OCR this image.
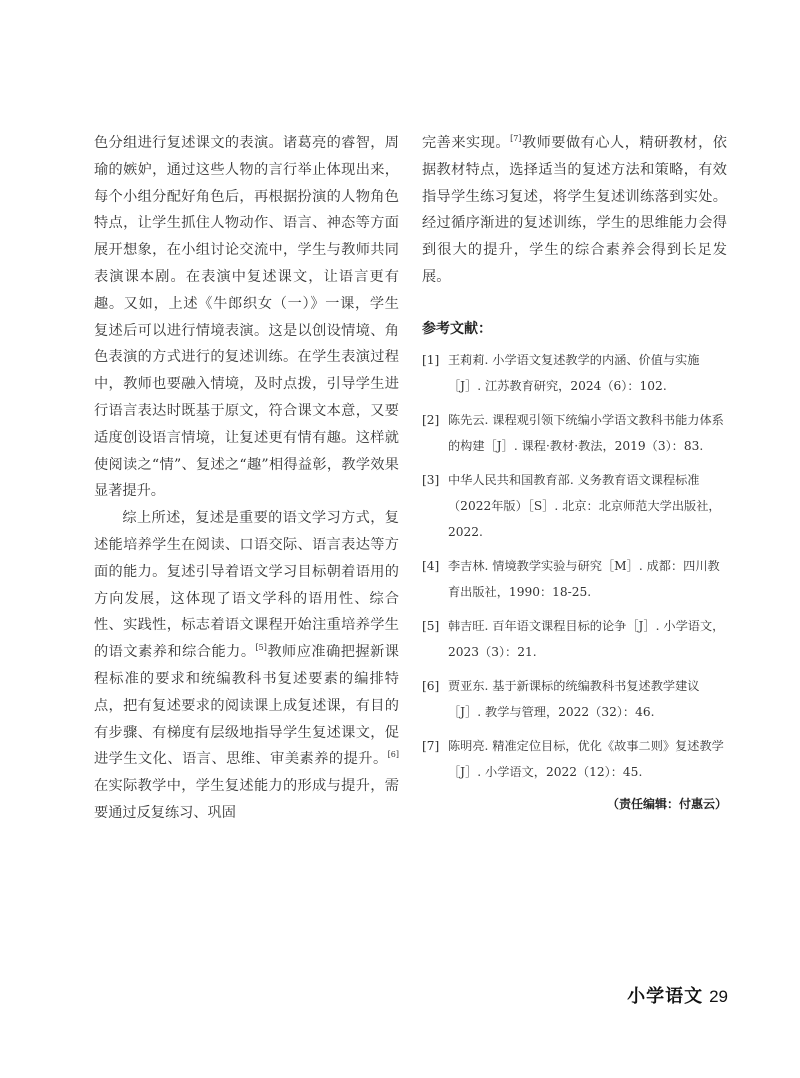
色分组进行复述课文的表演。诸葛亮的睿智，周瑜的嫉妒，通过这些人物的言行举止体现出来，每个小组分配好角色后，再根据扮演的人物角色特点，让学生抓住人物动作、语言、神态等方面展开想象，在小组讨论交流中，学生与教师共同表演课本剧。在表演中复述课文，让语言更有趣。又如，上述《牛郎织女（一）》一课，学生复述后可以进行情境表演。这是以创设情境、角色表演的方式进行的复述训练。在学生表演过程中，教师也要融入情境，及时点拨，引导学生进行语言表达时既基于原文，符合课文本意，又要适度创设语言情境，让复述更有情有趣。这样就使阅读之“情”、复述之“趣”相得益彰，教学效果显著提升。

综上所述，复述是重要的语文学习方式，复述能培养学生在阅读、口语交际、语言表达等方面的能力。复述引导着语文学习目标朝着语用的方向发展，这体现了语文学科的语用性、综合性、实践性，标志着语文课程开始注重培养学生的语文素养和综合能力。[5]教师应准确把握新课程标准的要求和统编教科书复述要素的编排特点，把有复述要求的阅读课上成复述课，有目的有步骤、有梯度有层级地指导学生复述课文，促进学生文化、语言、思维、审美素养的提升。[6]在实际教学中，学生复述能力的形成与提升，需要通过反复练习、巩固

完善来实现。[7]教师要做有心人，精研教材，依据教材特点，选择适当的复述方法和策略，有效指导学生练习复述，将学生复述训练落到实处。经过循序渐进的复述训练，学生的思维能力会得到很大的提升，学生的综合素养会得到长足发展。

参考文献：
[1] 王莉莉. 小学语文复述教学的内涵、价值与实施［J］. 江苏教育研究，2024（6）：102.
[2] 陈先云. 课程观引领下统编小学语文教科书能力体系的构建［J］. 课程·教材·教法，2019（3）：83.
[3] 中华人民共和国教育部. 义务教育语文课程标准（2022年版）［S］. 北京：北京师范大学出版社，2022.
[4] 李吉林. 情境教学实验与研究［M］. 成都：四川教育出版社，1990：18-25.
[5] 韩吉旺. 百年语文课程目标的论争［J］. 小学语文，2023（3）：21.
[6] 贾亚东. 基于新课标的统编教科书复述教学建议［J］. 教学与管理，2022（32）：46.
[7] 陈明亮. 精准定位目标，优化《故事二则》复述教学［J］. 小学语文，2022（12）：45.
（责任编辑：付惠云）
小学语文 29
